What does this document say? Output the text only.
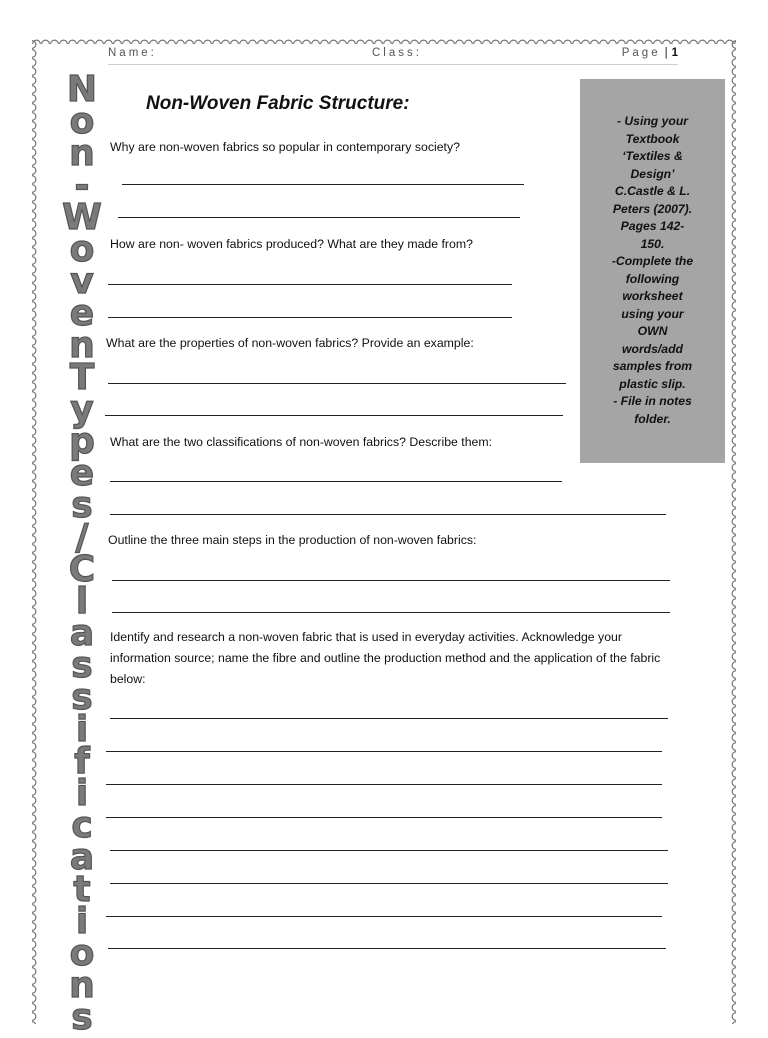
Name:	Class:	Page | 1
N
o
n
-
W
o
v
e
n
T
y
p
e
s
/
C
l
a
s
s
i
f
i
c
a
t
i
o
n
s
Non-Woven Fabric Structure:

- Using your
Textbook
‘Textiles &
Design’
C.Castle & L.
Peters (2007).
Pages 142-
150.
-Complete the
following
worksheet
using your
OWN
words/add
samples from
plastic slip.
- File in notes
folder.

Why are non-woven fabrics so popular in contemporary society?

How are non- woven fabrics produced? What are they made from?

What are the properties of non-woven fabrics? Provide an example:

What are the two classifications of non-woven fabrics? Describe them:

Outline the three main steps in the production of non-woven fabrics:

Identify and research a non-woven fabric that is used in everyday activities. Acknowledge your information source; name the fibre and outline the production method and the application of the fabric below:
